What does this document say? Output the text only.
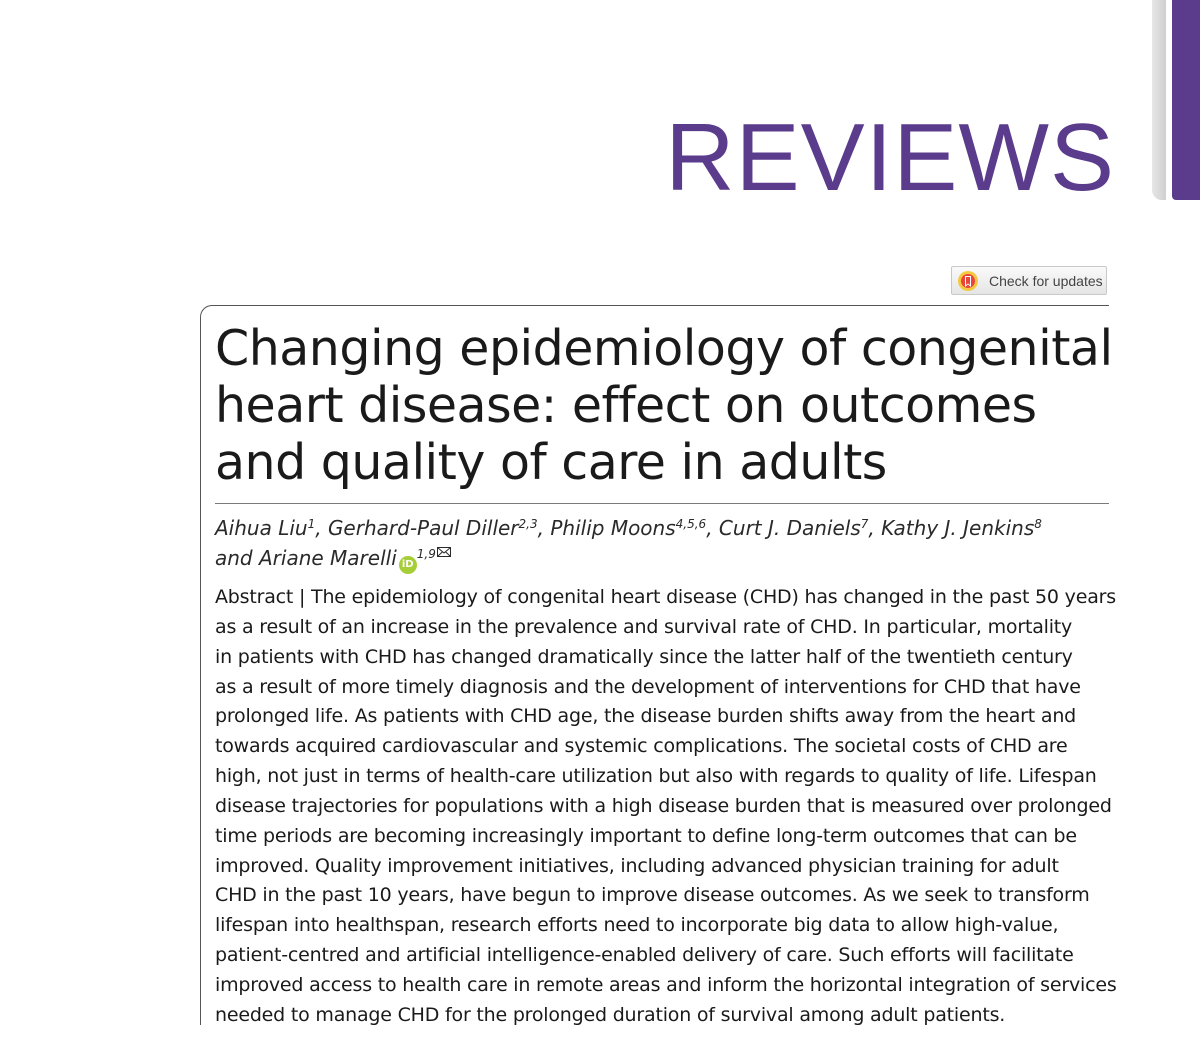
REVIEWS
Check for updates
Changing epidemiology of congenital
heart disease: effect on outcomes
and quality of care in adults
Aihua Liu$^1$, Gerhard-Paul Diller$^{2,3}$, Philip Moons$^{4,5,6}$, Curt J. Daniels$^7$, Kathy J. Jenkins$^8$
and Ariane Marelli iD$^{1,9}$
Abstract | The epidemiology of congenital heart disease (CHD) has changed in the past 50 years
as a result of an increase in the prevalence and survival rate of CHD. In particular, mortality
in patients with CHD has changed dramatically since the latter half of the twentieth century
as a result of more timely diagnosis and the development of interventions for CHD that have
prolonged life. As patients with CHD age, the disease burden shifts away from the heart and
towards acquired cardiovascular and systemic complications. The societal costs of CHD are
high, not just in terms of health-care utilization but also with regards to quality of life. Lifespan
disease trajectories for populations with a high disease burden that is measured over prolonged
time periods are becoming increasingly important to define long-term outcomes that can be
improved. Quality improvement initiatives, including advanced physician training for adult
CHD in the past 10 years, have begun to improve disease outcomes. As we seek to transform
lifespan into healthspan, research efforts need to incorporate big data to allow high-value,
patient-centred and artificial intelligence-enabled delivery of care. Such efforts will facilitate
improved access to health care in remote areas and inform the horizontal integration of services
needed to manage CHD for the prolonged duration of survival among adult patients.
